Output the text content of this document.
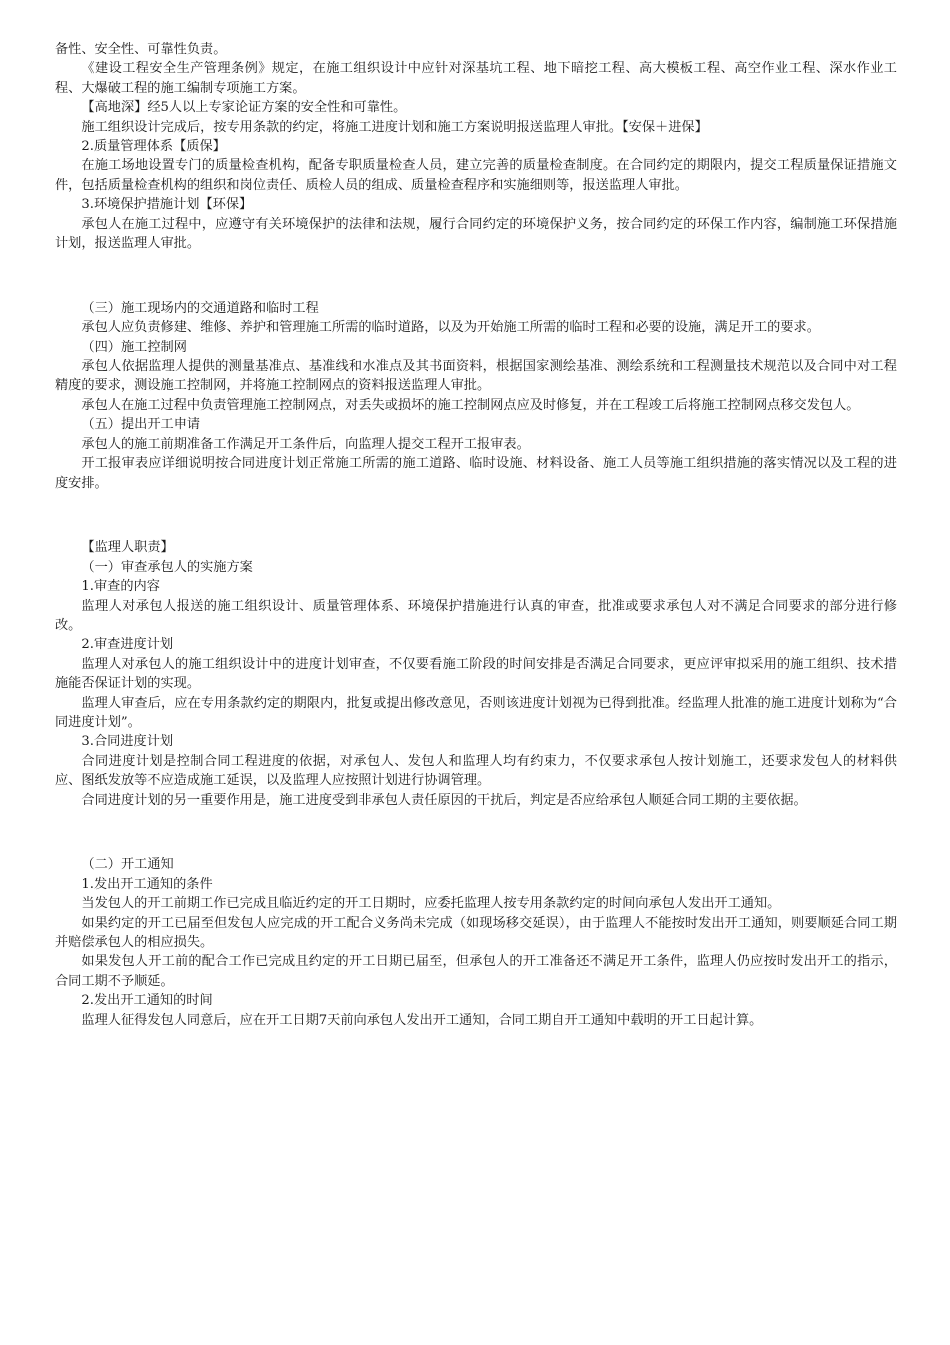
备性、安全性、可靠性负责。

《建设工程安全生产管理条例》规定，在施工组织设计中应针对深基坑工程、地下暗挖工程、高大模板工程、高空作业工程、深水作业工程、大爆破工程的施工编制专项施工方案。

【高地深】经5人以上专家论证方案的安全性和可靠性。

施工组织设计完成后，按专用条款的约定，将施工进度计划和施工方案说明报送监理人审批。【安保＋进保】

2.质量管理体系【质保】

在施工场地设置专门的质量检查机构，配备专职质量检查人员，建立完善的质量检查制度。在合同约定的期限内，提交工程质量保证措施文件，包括质量检查机构的组织和岗位责任、质检人员的组成、质量检查程序和实施细则等，报送监理人审批。

3.环境保护措施计划【环保】

承包人在施工过程中，应遵守有关环境保护的法律和法规，履行合同约定的环境保护义务，按合同约定的环保工作内容，编制施工环保措施计划，报送监理人审批。

（三）施工现场内的交通道路和临时工程

承包人应负责修建、维修、养护和管理施工所需的临时道路，以及为开始施工所需的临时工程和必要的设施，满足开工的要求。

（四）施工控制网

承包人依据监理人提供的测量基准点、基准线和水准点及其书面资料，根据国家测绘基准、测绘系统和工程测量技术规范以及合同中对工程精度的要求，测设施工控制网，并将施工控制网点的资料报送监理人审批。

承包人在施工过程中负责管理施工控制网点，对丢失或损坏的施工控制网点应及时修复，并在工程竣工后将施工控制网点移交发包人。

（五）提出开工申请

承包人的施工前期准备工作满足开工条件后，向监理人提交工程开工报审表。

开工报审表应详细说明按合同进度计划正常施工所需的施工道路、临时设施、材料设备、施工人员等施工组织措施的落实情况以及工程的进度安排。

【监理人职责】

（一）审查承包人的实施方案

1.审查的内容

监理人对承包人报送的施工组织设计、质量管理体系、环境保护措施进行认真的审查，批准或要求承包人对不满足合同要求的部分进行修改。

2.审查进度计划

监理人对承包人的施工组织设计中的进度计划审查，不仅要看施工阶段的时间安排是否满足合同要求，更应评审拟采用的施工组织、技术措施能否保证计划的实现。

监理人审查后，应在专用条款约定的期限内，批复或提出修改意见，否则该进度计划视为已得到批准。经监理人批准的施工进度计划称为“合同进度计划”。

3.合同进度计划

合同进度计划是控制合同工程进度的依据，对承包人、发包人和监理人均有约束力，不仅要求承包人按计划施工，还要求发包人的材料供应、图纸发放等不应造成施工延误，以及监理人应按照计划进行协调管理。

合同进度计划的另一重要作用是，施工进度受到非承包人责任原因的干扰后，判定是否应给承包人顺延合同工期的主要依据。

（二）开工通知

1.发出开工通知的条件

当发包人的开工前期工作已完成且临近约定的开工日期时，应委托监理人按专用条款约定的时间向承包人发出开工通知。

如果约定的开工已届至但发包人应完成的开工配合义务尚未完成（如现场移交延误），由于监理人不能按时发出开工通知，则要顺延合同工期并赔偿承包人的相应损失。

如果发包人开工前的配合工作已完成且约定的开工日期已届至，但承包人的开工准备还不满足开工条件，监理人仍应按时发出开工的指示，合同工期不予顺延。

2.发出开工通知的时间

监理人征得发包人同意后，应在开工日期7天前向承包人发出开工通知，合同工期自开工通知中载明的开工日起计算。
